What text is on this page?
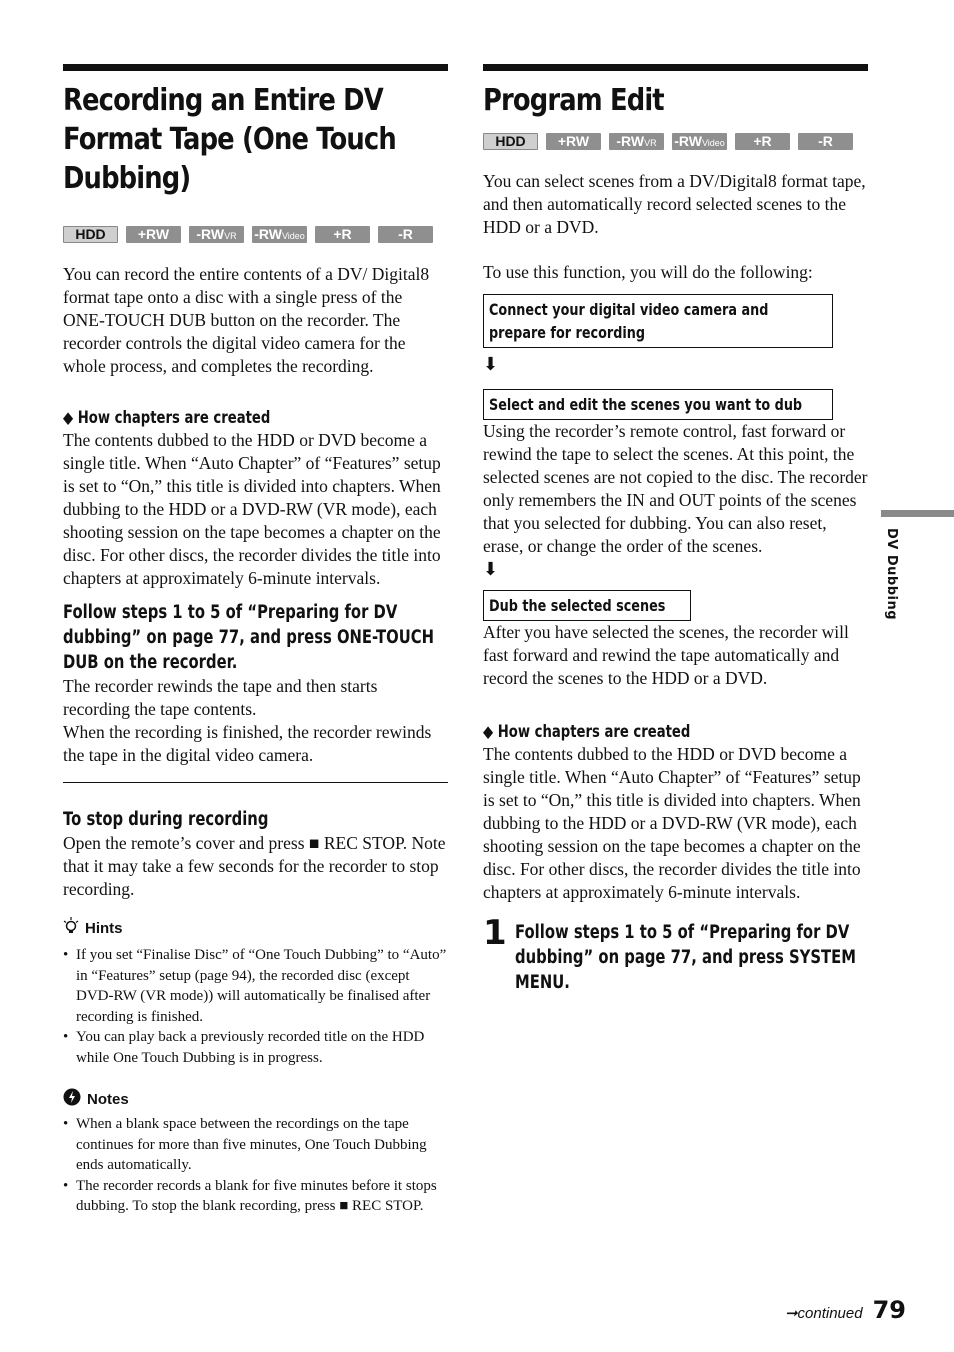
Recording an Entire DV
Format Tape (One Touch
Dubbing)
HDD	+RW	-RWVR	-RWVideo	+R	-R

You can record the entire contents of a DV/ Digital8 format tape onto a disc with a single press of the ONE-TOUCH DUB button on the recorder. The recorder controls the digital video camera for the whole process, and completes the recording.

◆ How chapters are created

The contents dubbed to the HDD or DVD become a single title. When “Auto Chapter” of “Features” setup is set to “On,” this title is divided into chapters. When dubbing to the HDD or a DVD-RW (VR mode), each shooting session on the tape becomes a chapter on the disc. For other discs, the recorder divides the title into chapters at approximately 6-minute intervals.

Follow steps 1 to 5 of “Preparing for DV
dubbing” on page 77, and press ONE-TOUCH
DUB on the recorder.

The recorder rewinds the tape and then starts recording the tape contents.

When the recording is finished, the recorder rewinds the tape in the digital video camera.

To stop during recording

Open the remote’s cover and press ■ REC STOP. Note that it may take a few seconds for the recorder to stop recording.

Hints

• If you set “Finalise Disc” of “One Touch Dubbing” to “Auto” in “Features” setup (page 94), the recorded disc (except DVD-RW (VR mode)) will automatically be finalised after recording is finished.

• You can play back a previously recorded title on the HDD while One Touch Dubbing is in progress.

Notes

• When a blank space between the recordings on the tape continues for more than five minutes, One Touch Dubbing ends automatically.

• The recorder records a blank for five minutes before it stops dubbing. To stop the blank recording, press ■ REC STOP.

Program Edit
HDD	+RW	-RWVR	-RWVideo	+R	-R

You can select scenes from a DV/Digital8 format tape, and then automatically record selected scenes to the HDD or a DVD.

To use this function, you will do the following:

Connect your digital video camera and
prepare for recording
⬇
Select and edit the scenes you want to dub

Using the recorder’s remote control, fast forward or rewind the tape to select the scenes. At this point, the selected scenes are not copied to the disc. The recorder only remembers the IN and OUT points of the scenes that you selected for dubbing. You can also reset, erase, or change the order of the scenes.

⬇
Dub the selected scenes

After you have selected the scenes, the recorder will fast forward and rewind the tape automatically and record the scenes to the HDD or a DVD.

◆ How chapters are created

The contents dubbed to the HDD or DVD become a single title. When “Auto Chapter” of “Features” setup is set to “On,” this title is divided into chapters. When dubbing to the HDD or a DVD-RW (VR mode), each shooting session on the tape becomes a chapter on the disc. For other discs, the recorder divides the title into chapters at approximately 6-minute intervals.

1 Follow steps 1 to 5 of “Preparing for DV
dubbing” on page 77, and press SYSTEM
MENU.
DV Dubbing
➞continued 79
